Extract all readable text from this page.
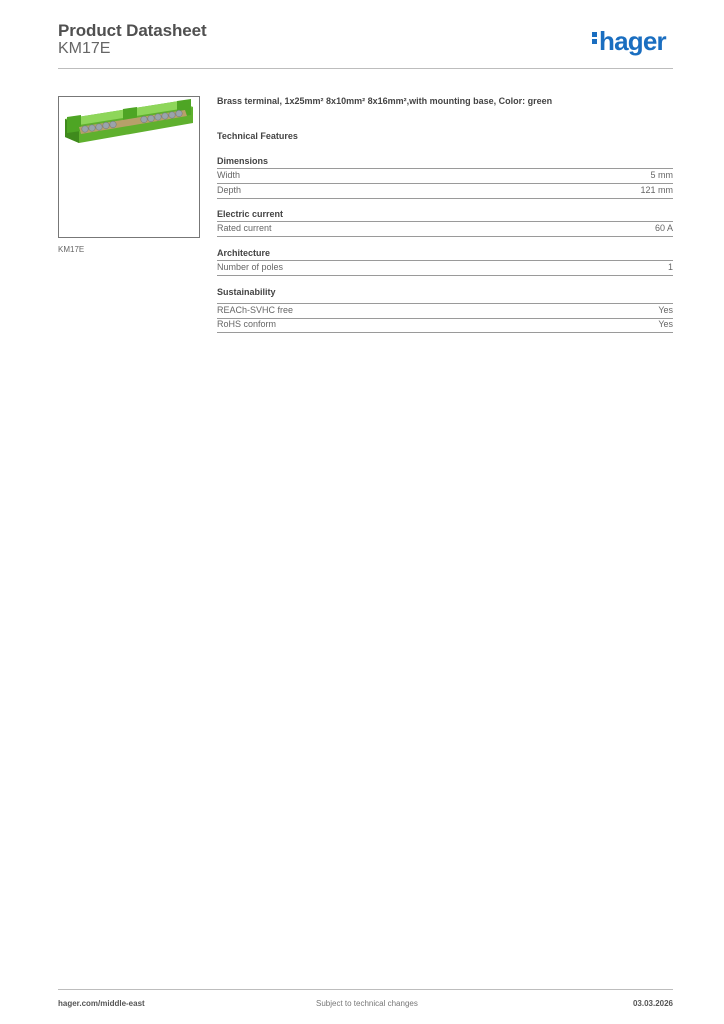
Product Datasheet
KM17E	hager
KM17E
Brass terminal, 1x25mm² 8x10mm² 8x16mm²,with mounting base, Color: green
Technical Features
Dimensions
Width	5 mm
Depth	121 mm
Electric current
Rated current	60 A
Architecture
Number of poles	1
Sustainability
REACh-SVHC free	Yes
RoHS conform	Yes
hager.com/middle-east	Subject to technical changes	03.03.2026
